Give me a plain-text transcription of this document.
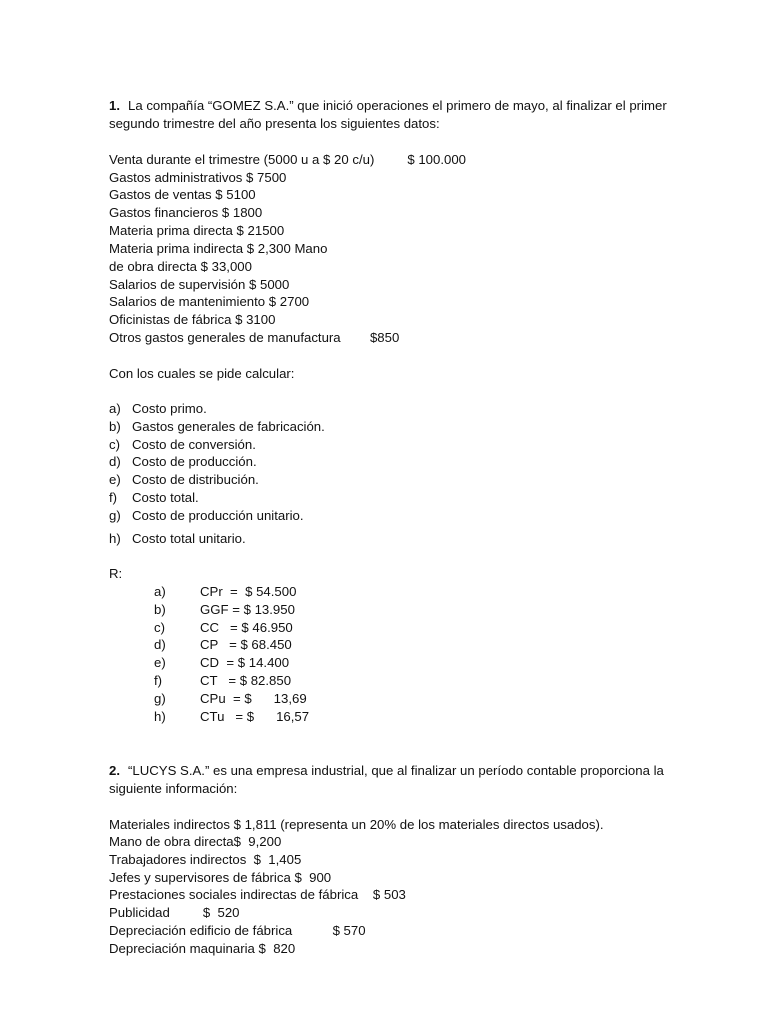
1. La compañía “GOMEZ S.A.” que inició operaciones el primero de mayo, al finalizar el primer segundo trimestre del año presenta los siguientes datos:

Venta durante el trimestre (5000 u a $ 20 c/u)         $ 100.000

Gastos administrativos $ 7500

Gastos de ventas $ 5100

Gastos financieros $ 1800

Materia prima directa $ 21500

Materia prima indirecta $ 2,300 Mano

de obra directa $ 33,000

Salarios de supervisión $ 5000

Salarios de mantenimiento $ 2700

Oficinistas de fábrica $ 3100

Otros gastos generales de manufactura        $850

Con los cuales se pide calcular:

a) Costo primo.
b) Gastos generales de fabricación.
c) Costo de conversión.
d) Costo de producción.
e) Costo de distribución.
f) Costo total.
g) Costo de producción unitario.
h) Costo total unitario.

R:

a)	CPr  =  $ 54.500
b)	GGF = $ 13.950
c)	CC   = $ 46.950
d)	CP   = $ 68.450
e)	CD  = $ 14.400
f)	CT   = $ 82.850
g)	CPu  = $      13,69
h)	CTu   = $      16,57

2. “LUCYS S.A.” es una empresa industrial, que al finalizar un período contable proporciona la siguiente información:

Materiales indirectos $ 1,811 (representa un 20% de los materiales directos usados).

Mano de obra directa$  9,200

Trabajadores indirectos  $  1,405

Jefes y supervisores de fábrica $  900

Prestaciones sociales indirectas de fábrica    $ 503

Publicidad         $  520

Depreciación edificio de fábrica           $ 570

Depreciación maquinaria $  820
